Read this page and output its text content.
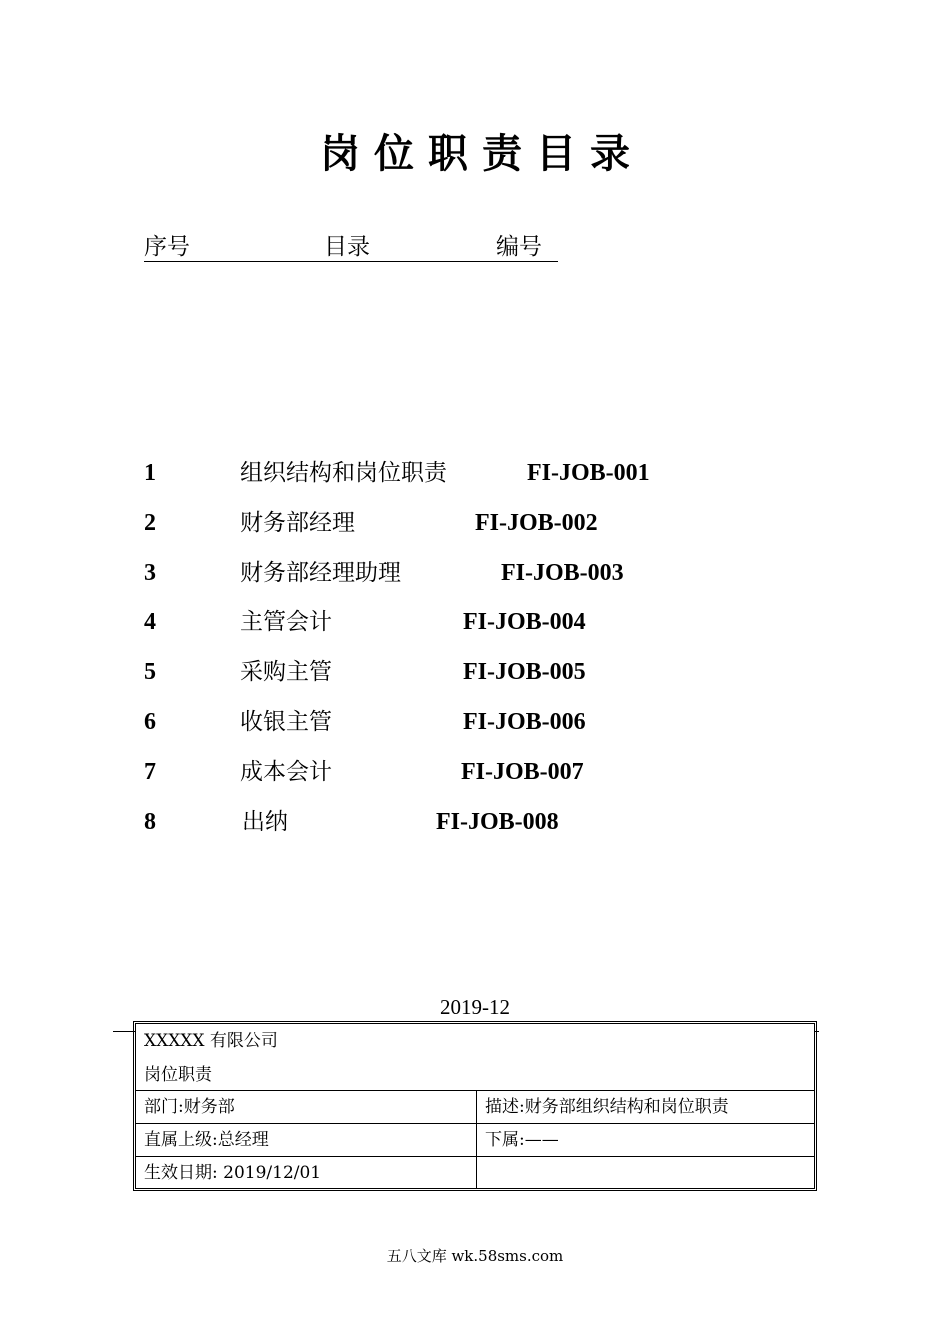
岗位职责目录
序号	目录	编号
1	组织结构和岗位职责	FI-JOB-001
2	财务部经理	FI-JOB-002
3	财务部经理助理	FI-JOB-003
4	主管会计	FI-JOB-004
5	采购主管	FI-JOB-005
6	收银主管	FI-JOB-006
7	成本会计	FI-JOB-007
8	出纳	FI-JOB-008
2019-12
XXXXX 有限公司
岗位职责
部门:财务部	描述:财务部组织结构和岗位职责
直属上级:总经理	下属:——
生效日期: 2019/12/01
五八文库 wk.58sms.com
